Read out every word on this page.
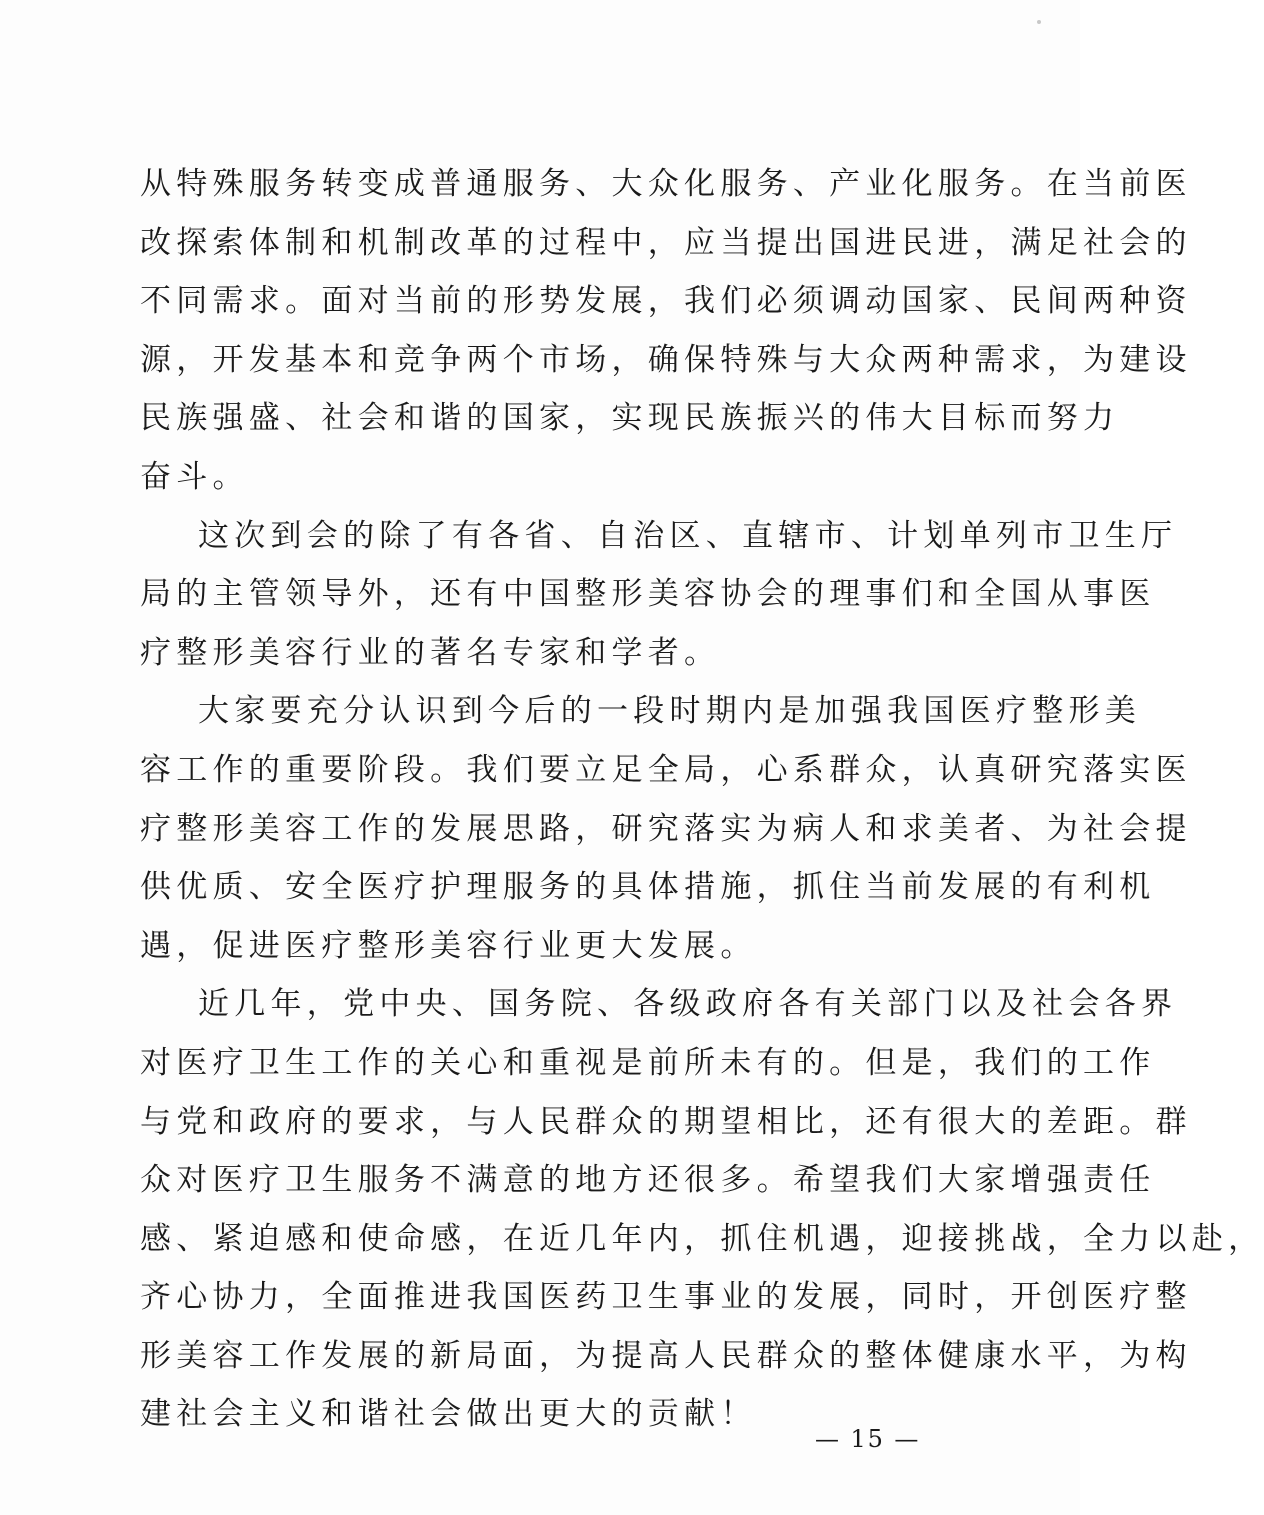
从特殊服务转变成普通服务、大众化服务、产业化服务。在当前医
改探索体制和机制改革的过程中，应当提出国进民进，满足社会的
不同需求。面对当前的形势发展，我们必须调动国家、民间两种资
源，开发基本和竞争两个市场，确保特殊与大众两种需求，为建设
民族强盛、社会和谐的国家，实现民族振兴的伟大目标而努力
奋斗。
这次到会的除了有各省、自治区、直辖市、计划单列市卫生厅
局的主管领导外，还有中国整形美容协会的理事们和全国从事医
疗整形美容行业的著名专家和学者。
大家要充分认识到今后的一段时期内是加强我国医疗整形美
容工作的重要阶段。我们要立足全局，心系群众，认真研究落实医
疗整形美容工作的发展思路，研究落实为病人和求美者、为社会提
供优质、安全医疗护理服务的具体措施，抓住当前发展的有利机
遇，促进医疗整形美容行业更大发展。
近几年，党中央、国务院、各级政府各有关部门以及社会各界
对医疗卫生工作的关心和重视是前所未有的。但是，我们的工作
与党和政府的要求，与人民群众的期望相比，还有很大的差距。群
众对医疗卫生服务不满意的地方还很多。希望我们大家增强责任
感、紧迫感和使命感，在近几年内，抓住机遇，迎接挑战，全力以赴，
齐心协力，全面推进我国医药卫生事业的发展，同时，开创医疗整
形美容工作发展的新局面，为提高人民群众的整体健康水平，为构
建社会主义和谐社会做出更大的贡献！
— 15 —
